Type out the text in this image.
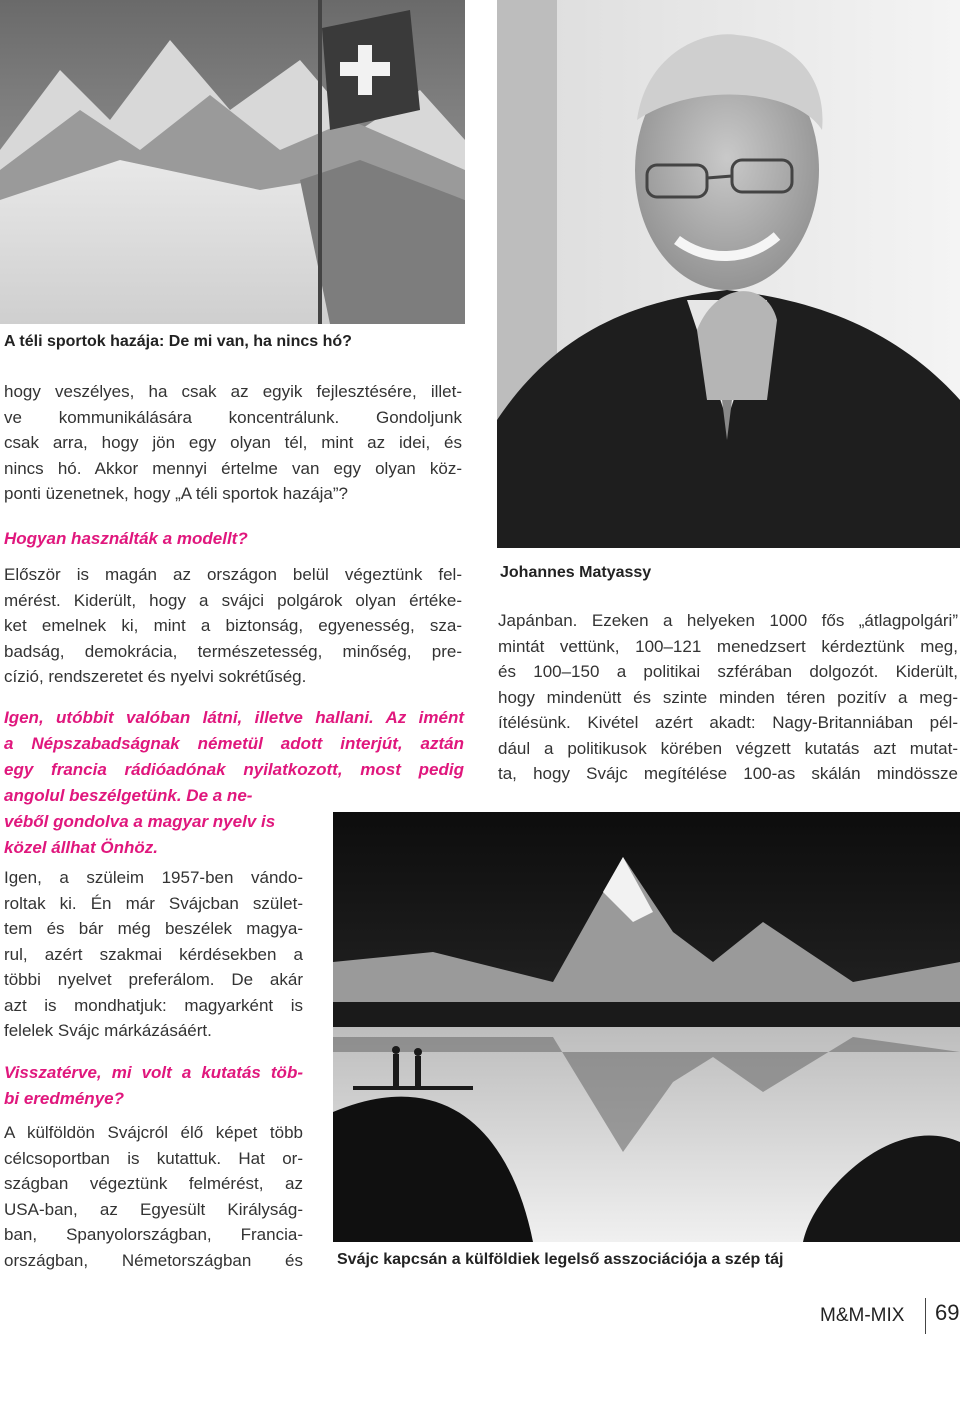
A téli sportok hazája: De mi van, ha nincs hó?
Johannes Matyassy
Svájc kapcsán a külföldiek legelső asszociációja a szép táj
hogy veszélyes, ha csak az egyik fejlesztésére, illet-
ve kommunikálására koncentrálunk. Gondoljunk
csak arra, hogy jön egy olyan tél, mint az idei, és
nincs hó. Akkor mennyi értelme van egy olyan köz-
ponti üzenetnek, hogy „A téli sportok hazája”?
Hogyan használták a modellt?
Először is magán az országon belül végeztünk fel-
mérést. Kiderült, hogy a svájci polgárok olyan értéke-
ket emelnek ki, mint a biztonság, egyenesség, sza-
badság, demokrácia, természetesség, minőség, pre-
cízió, rendszeretet és nyelvi sokrétűség.
Igen, utóbbit valóban látni, illetve hallani. Az imént
a Népszabadságnak németül adott interjút, aztán
egy francia rádióadónak nyilatkozott, most pedig
angolul beszélgetünk. De a ne-
véből gondolva a magyar nyelv is
közel állhat Önhöz.
Igen, a szüleim 1957-ben vándo-
roltak ki. Én már Svájcban szület-
tem és bár még beszélek magya-
rul, azért szakmai kérdésekben a
többi nyelvet preferálom. De akár
azt is mondhatjuk: magyarként is
felelek Svájc márkázásáért.
Visszatérve, mi volt a kutatás töb-
bi eredménye?
A külföldön Svájcról élő képet több
célcsoportban is kutattuk. Hat or-
szágban végeztünk felmérést, az
USA-ban, az Egyesült Királyság-
ban, Spanyolországban, Francia-
országban, Németországban és
Japánban. Ezeken a helyeken 1000 fős „átlagpolgári”
mintát vettünk, 100–121 menedzsert kérdeztünk meg,
és 100–150 a politikai szférában dolgozót. Kiderült,
hogy mindenütt és szinte minden téren pozitív a meg-
ítélésünk. Kivétel azért akadt: Nagy-Britanniában pél-
dául a politikusok körében végzett kutatás azt mutat-
ta, hogy Svájc megítélése 100-as skálán mindössze
M&M-MIX 69
